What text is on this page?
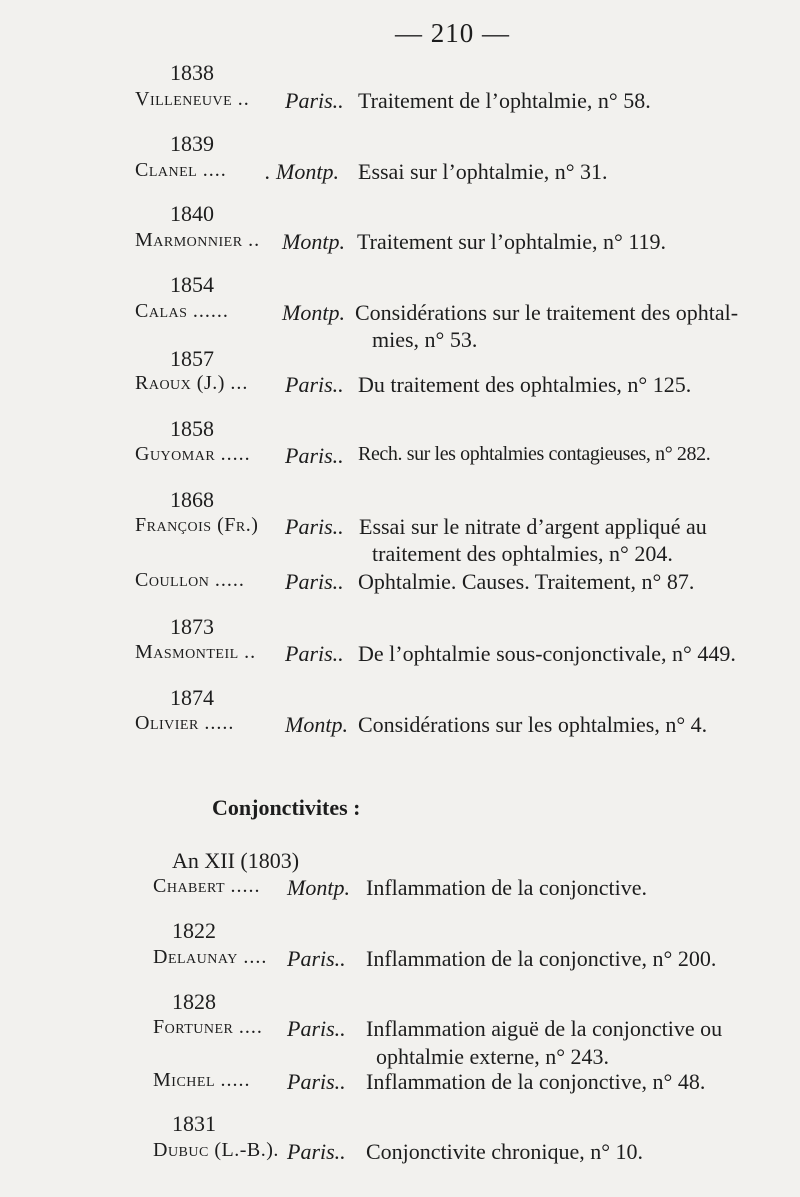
— 210 —
1838
Villeneuve .. Paris.. Traitement de l’ophtalmie, n° 58.
1839
Clanel .... . Montp. Essai sur l’ophtalmie, n° 31.
1840
Marmonnier .. Montp. Traitement sur l’ophtalmie, n° 119.
1854
Calas ...... Montp. Considérations sur le traitement des ophtal-
mies, n° 53.
1857
Raoux (J.) ... Paris.. Du traitement des ophtalmies, n° 125.
1858
Guyomar ..... Paris.. Rech. sur les ophtalmies contagieuses, n° 282.
1868
François (Fr.) Paris.. Essai sur le nitrate d’argent appliqué au
traitement des ophtalmies, n° 204.
Coullon ..... Paris.. Ophtalmie. Causes. Traitement, n° 87.
1873
Masmonteil .. Paris.. De l’ophtalmie sous-conjonctivale, n° 449.
1874
Olivier ..... Montp. Considérations sur les ophtalmies, n° 4.
Conjonctivites :
An XII (1803)
Chabert ..... Montp. Inflammation de la conjonctive.
1822
Delaunay .... Paris.. Inflammation de la conjonctive, n° 200.
1828
Fortuner .... Paris.. Inflammation aiguë de la conjonctive ou
ophtalmie externe, n° 243.
Michel ..... Paris.. Inflammation de la conjonctive, n° 48.
1831
Dubuc (L.-B.). Paris.. Conjonctivite chronique, n° 10.
